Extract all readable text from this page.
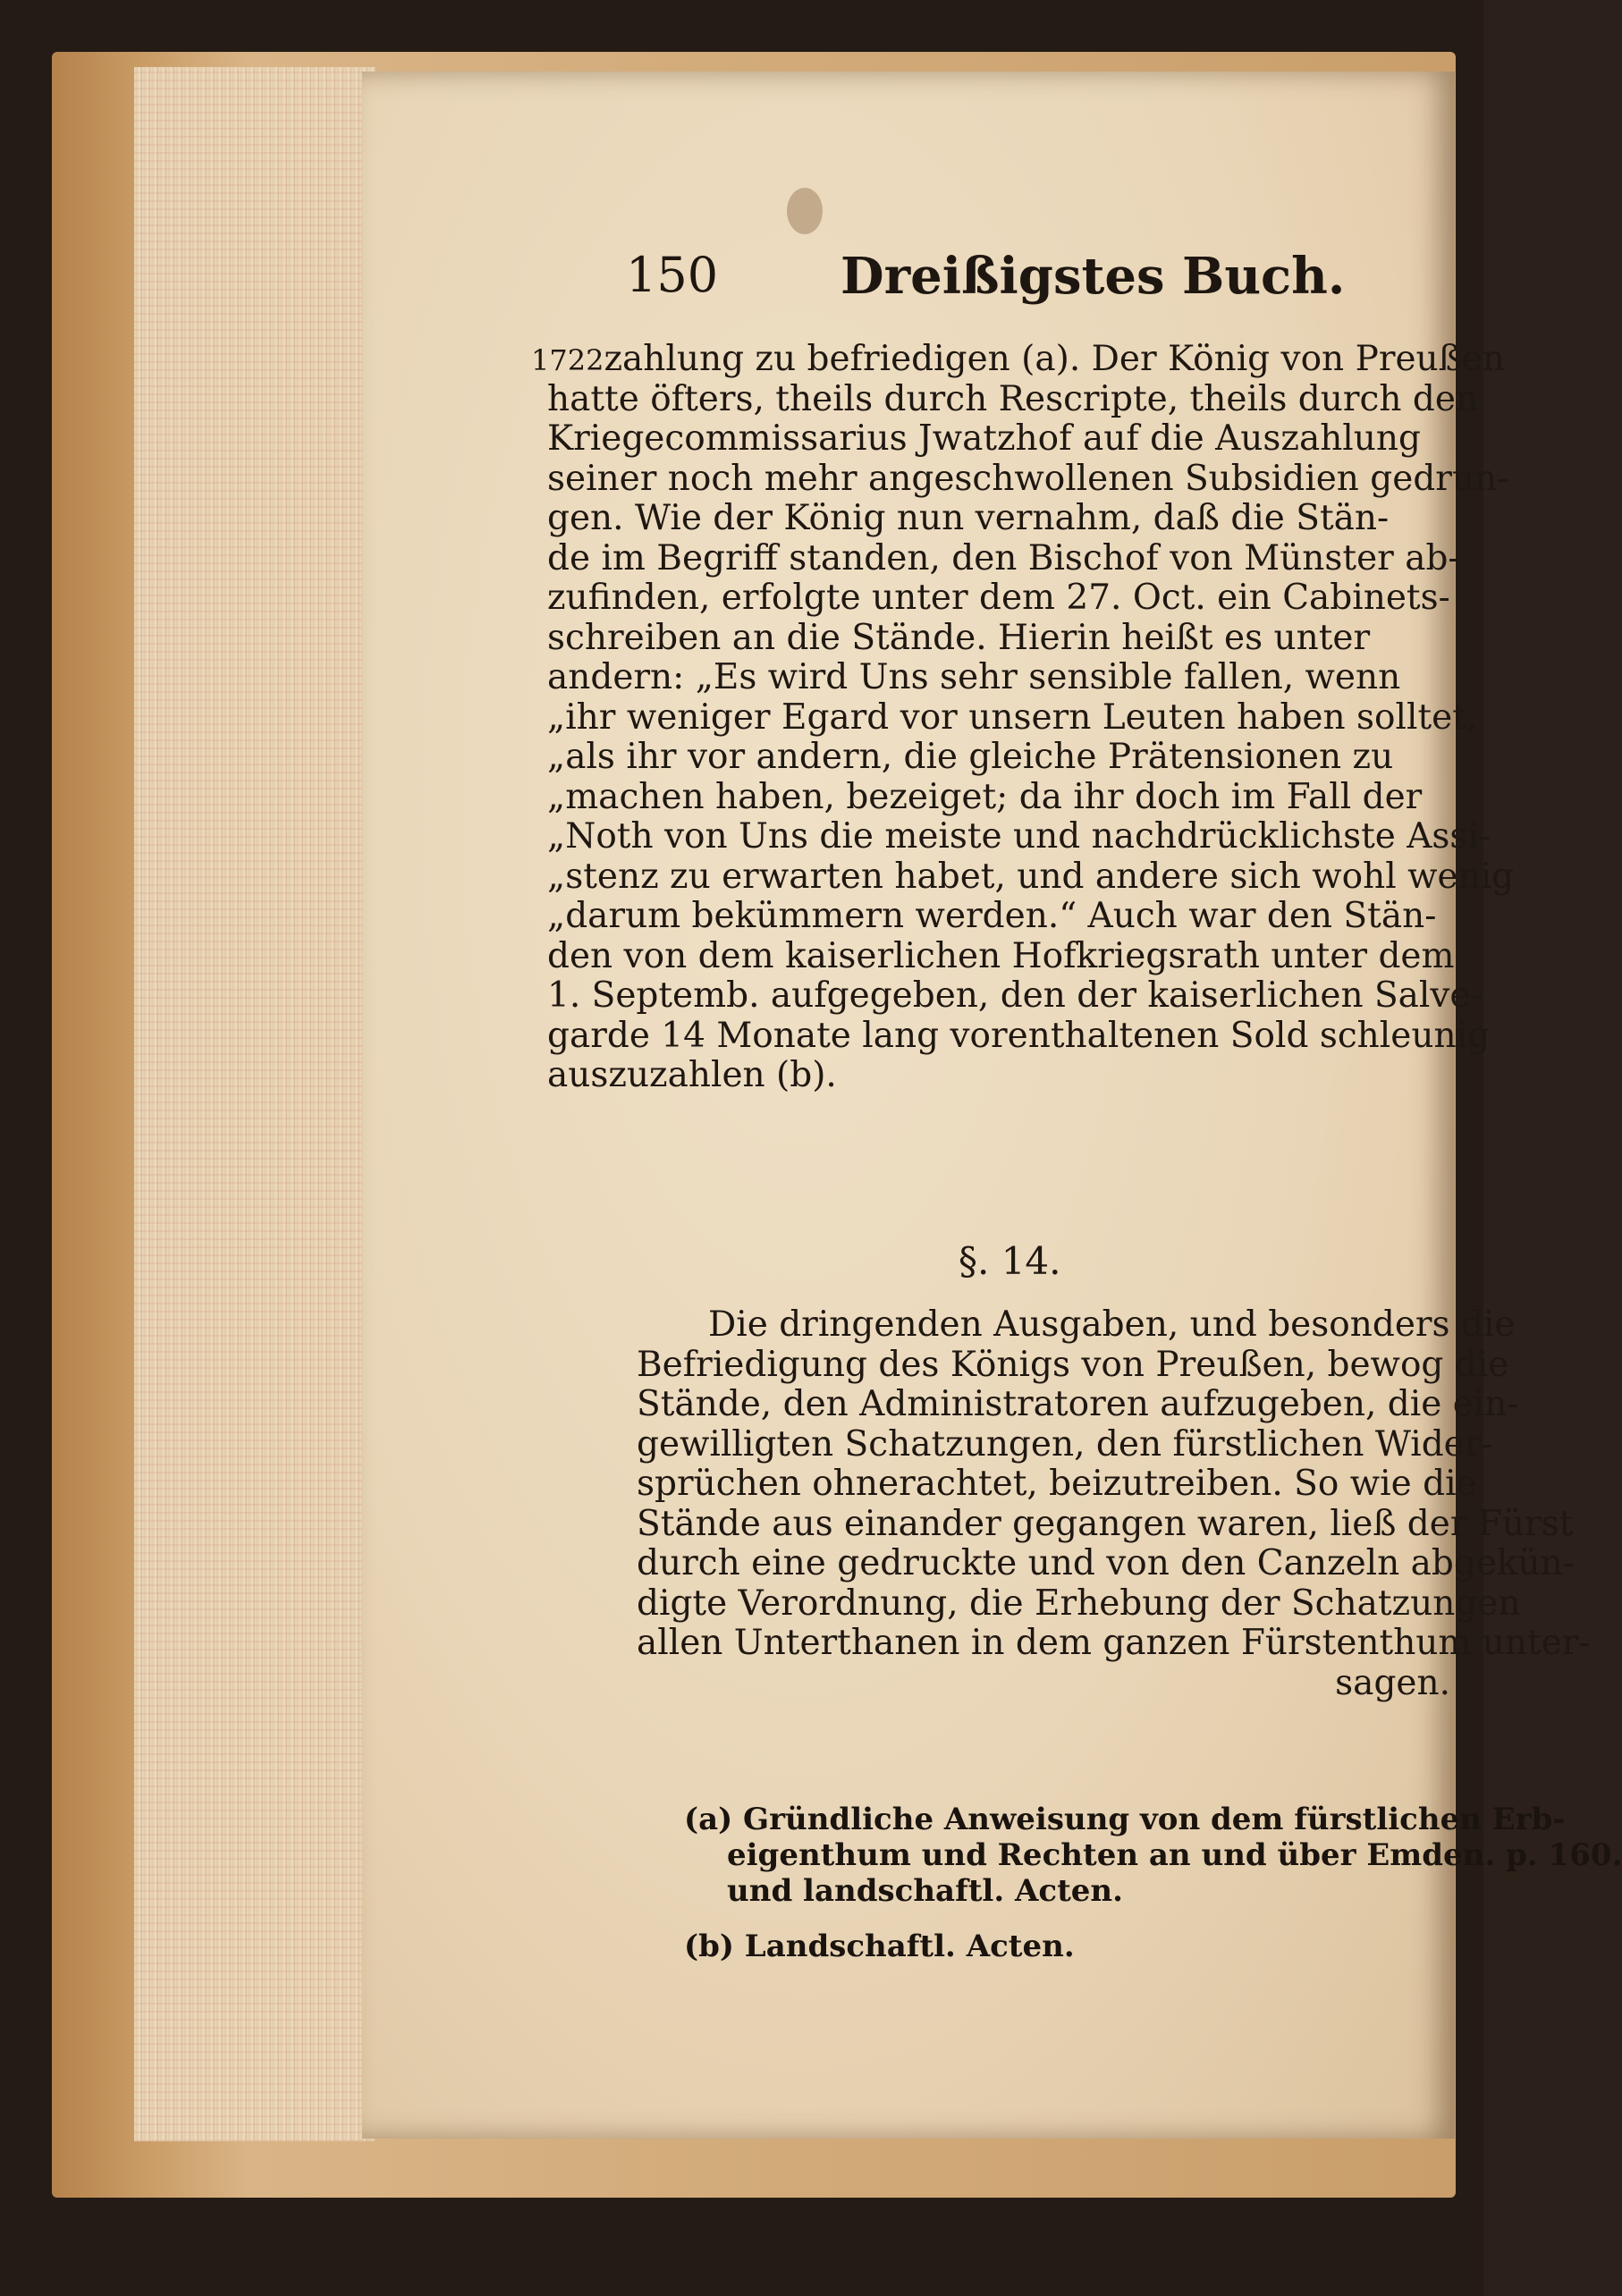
150 Dreißigstes Buch.
1722zahlung zu befriedigen (a). Der König von Preußen
hatte öfters, theils durch Rescripte, theils durch den
Kriegecommissarius Jwatzhof auf die Auszahlung
seiner noch mehr angeschwollenen Subsidien gedrun-
gen. Wie der König nun vernahm, daß die Stän-
de im Begriff standen, den Bischof von Münster ab-
zufinden, erfolgte unter dem 27. Oct. ein Cabinets-
schreiben an die Stände. Hierin heißt es unter
andern: „Es wird Uns sehr sensible fallen, wenn
„ihr weniger Egard vor unsern Leuten haben solltet,
„als ihr vor andern, die gleiche Prätensionen zu
„machen haben, bezeiget; da ihr doch im Fall der
„Noth von Uns die meiste und nachdrücklichste Assi-
„stenz zu erwarten habet, und andere sich wohl wenig
„darum bekümmern werden.“ Auch war den Stän-
den von dem kaiserlichen Hofkriegsrath unter dem
1. Septemb. aufgegeben, den der kaiserlichen Salve-
garde 14 Monate lang vorenthaltenen Sold schleunig
auszuzahlen (b).
§. 14.
Die dringenden Ausgaben, und besonders die
Befriedigung des Königs von Preußen, bewog die
Stände, den Administratoren aufzugeben, die ein-
gewilligten Schatzungen, den fürstlichen Wider-
sprüchen ohnerachtet, beizutreiben. So wie die
Stände aus einander gegangen waren, ließ der Fürst
durch eine gedruckte und von den Canzeln abgekün-
digte Verordnung, die Erhebung der Schatzungen
allen Unterthanen in dem ganzen Fürstenthum unter-
sagen.
(a) Gründliche Anweisung von dem fürstlichen Erb-
eigenthum und Rechten an und über Emden. p. 160.
und landschaftl. Acten.
(b) Landschaftl. Acten.
